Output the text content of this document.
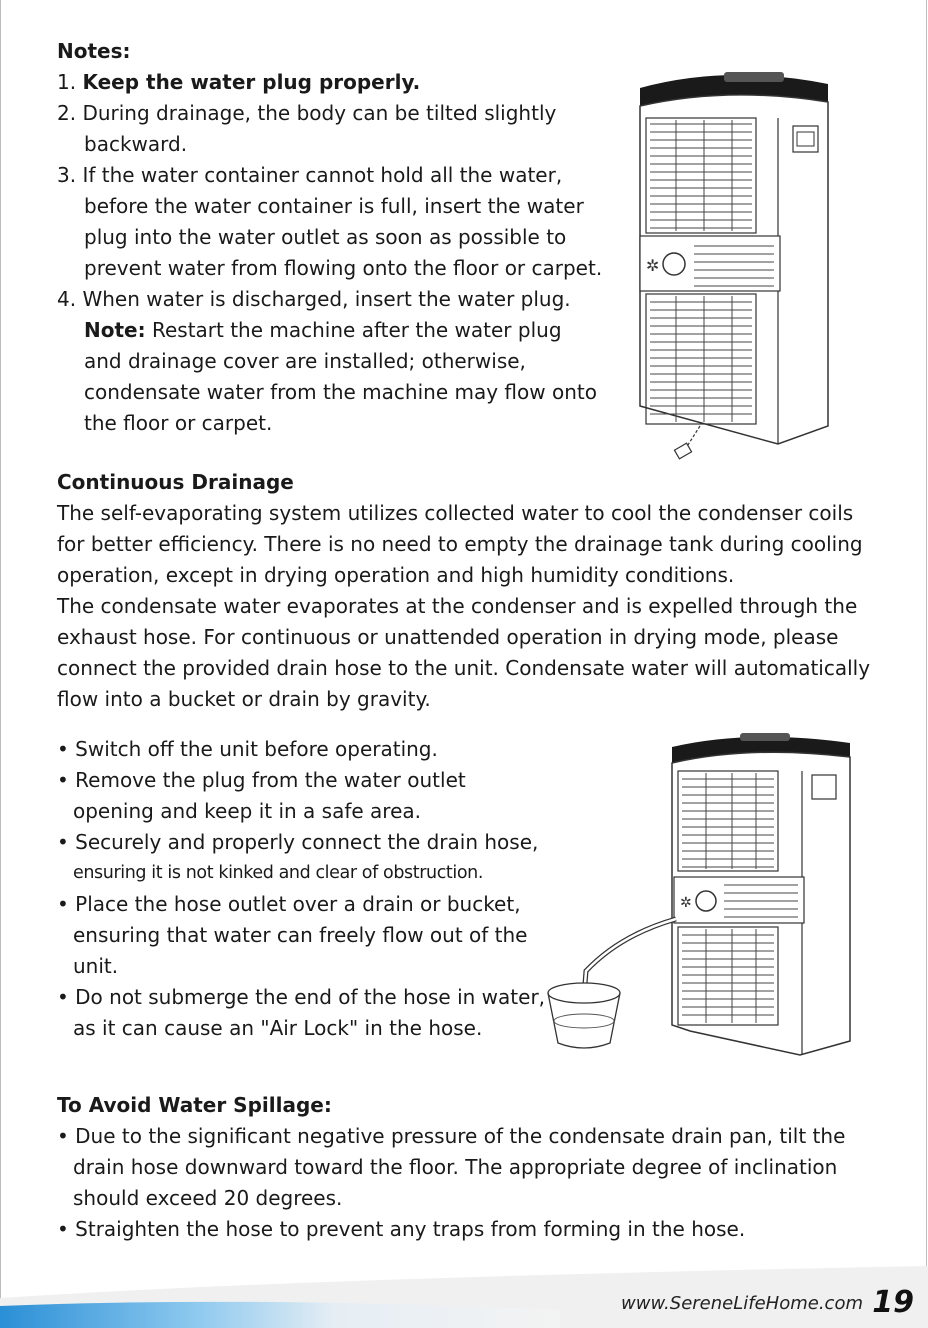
Notes:
1. Keep the water plug properly.
2. During drainage, the body can be tilted slightly
backward.
3. If the water container cannot hold all the water,
before the water container is full, insert the water
plug into the water outlet as soon as possible to
prevent water from flowing onto the floor or carpet.
4. When water is discharged, insert the water plug.
Note: Restart the machine after the water plug
and drainage cover are installed; otherwise,
condensate water from the machine may flow onto
the floor or carpet.
✲
Continuous Drainage
The self-evaporating system utilizes collected water to cool the condenser coils
for better efficiency. There is no need to empty the drainage tank during cooling
operation, except in drying operation and high humidity conditions.
The condensate water evaporates at the condenser and is expelled through the
exhaust hose. For continuous or unattended operation in drying mode, please
connect the provided drain hose to the unit. Condensate water will automatically
flow into a bucket or drain by gravity.
• Switch off the unit before operating.
• Remove the plug from the water outlet
opening and keep it in a safe area.
• Securely and properly connect the drain hose,
ensuring it is not kinked and clear of obstruction.
• Place the hose outlet over a drain or bucket,
ensuring that water can freely flow out of the
unit.
• Do not submerge the end of the hose in water,
as it can cause an "Air Lock" in the hose.
✲
To Avoid Water Spillage:
• Due to the significant negative pressure of the condensate drain pan, tilt the
drain hose downward toward the floor. The appropriate degree of inclination
should exceed 20 degrees.
• Straighten the hose to prevent any traps from forming in the hose.
www.SereneLifeHome.com 19
